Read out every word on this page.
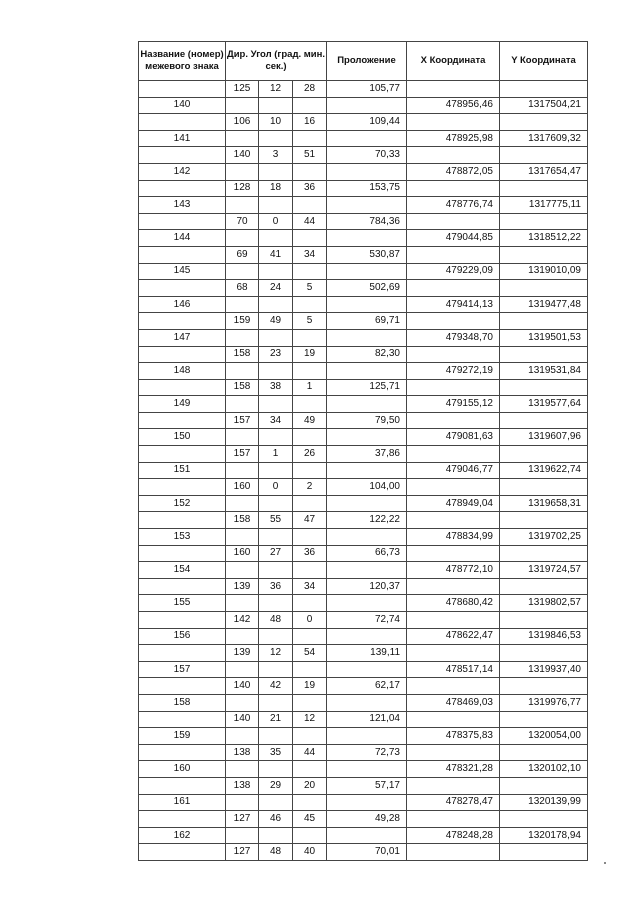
Название (номер) межевого знака	Дир. Угол (град. мин. сек.)			Проложение	X Координата	Y Координата
	125	12	28	105,77		
140					478956,46	1317504,21
	106	10	16	109,44		
141					478925,98	1317609,32
	140	3	51	70,33		
142					478872,05	1317654,47
	128	18	36	153,75		
143					478776,74	1317775,11
	70	0	44	784,36		
144					479044,85	1318512,22
	69	41	34	530,87		
145					479229,09	1319010,09
	68	24	5	502,69		
146					479414,13	1319477,48
	159	49	5	69,71		
147					479348,70	1319501,53
	158	23	19	82,30		
148					479272,19	1319531,84
	158	38	1	125,71		
149					479155,12	1319577,64
	157	34	49	79,50		
150					479081,63	1319607,96
	157	1	26	37,86		
151					479046,77	1319622,74
	160	0	2	104,00		
152					478949,04	1319658,31
	158	55	47	122,22		
153					478834,99	1319702,25
	160	27	36	66,73		
154					478772,10	1319724,57
	139	36	34	120,37		
155					478680,42	1319802,57
	142	48	0	72,74		
156					478622,47	1319846,53
	139	12	54	139,11		
157					478517,14	1319937,40
	140	42	19	62,17		
158					478469,03	1319976,77
	140	21	12	121,04		
159					478375,83	1320054,00
	138	35	44	72,73		
160					478321,28	1320102,10
	138	29	20	57,17		
161					478278,47	1320139,99
	127	46	45	49,28		
162					478248,28	1320178,94
	127	48	40	70,01		
